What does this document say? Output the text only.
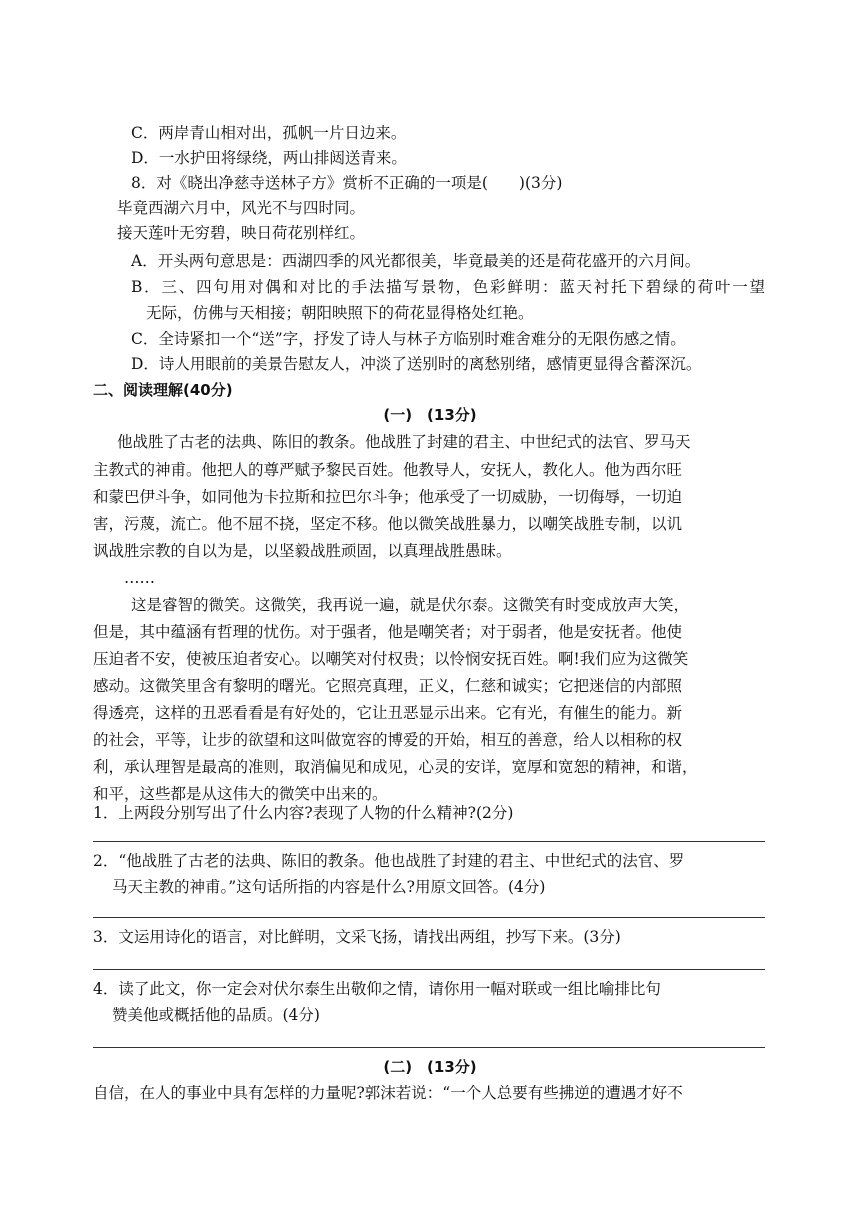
C．两岸青山相对出，孤帆一片日边来。
D．一水护田将绿绕，两山排闼送青来。
8．对《晓出净慈寺送林子方》赏析不正确的一项是(　　)(3分)
毕竟西湖六月中，风光不与四时同。
接天莲叶无穷碧，映日荷花别样红。
A．开头两句意思是：西湖四季的风光都很美，毕竟最美的还是荷花盛开的六月间。
B．三、四句用对偶和对比的手法描写景物，色彩鲜明：蓝天衬托下碧绿的荷叶一望
无际，仿佛与天相接；朝阳映照下的荷花显得格处红艳。
C．全诗紧扣一个“送”字，抒发了诗人与林子方临别时难舍难分的无限伤感之情。
D．诗人用眼前的美景告慰友人，冲淡了送别时的离愁别绪，感情更显得含蓄深沉。
二、阅读理解(40分)
(一)　(13分)
他战胜了古老的法典、陈旧的教条。他战胜了封建的君主、中世纪式的法官、罗马天
主教式的神甫。他把人的尊严赋予黎民百姓。他教导人，安抚人，教化人。他为西尔旺
和蒙巴伊斗争，如同他为卡拉斯和拉巴尔斗争；他承受了一切威胁，一切侮辱，一切迫
害，污蔑，流亡。他不屈不挠，坚定不移。他以微笑战胜暴力，以嘲笑战胜专制，以讥
讽战胜宗教的自以为是，以坚毅战胜顽固，以真理战胜愚昧。
……
这是睿智的微笑。这微笑，我再说一遍，就是伏尔泰。这微笑有时变成放声大笑，
但是，其中蕴涵有哲理的忧伤。对于强者，他是嘲笑者；对于弱者，他是安抚者。他使
压迫者不安，使被压迫者安心。以嘲笑对付权贵；以怜悯安抚百姓。啊!我们应为这微笑
感动。这微笑里含有黎明的曙光。它照亮真理，正义，仁慈和诚实；它把迷信的内部照
得透亮，这样的丑恶看看是有好处的，它让丑恶显示出来。它有光，有催生的能力。新
的社会，平等，让步的欲望和这叫做宽容的博爱的开始，相互的善意，给人以相称的权
利，承认理智是最高的准则，取消偏见和成见，心灵的安详，宽厚和宽恕的精神，和谐，
和平，这些都是从这伟大的微笑中出来的。
1．上两段分别写出了什么内容?表现了人物的什么精神?(2分)
2．“他战胜了古老的法典、陈旧的教条。他也战胜了封建的君主、中世纪式的法官、罗
马天主教的神甫。”这句话所指的内容是什么?用原文回答。(4分)
3．文运用诗化的语言，对比鲜明，文采飞扬，请找出两组，抄写下来。(3分)
4．读了此文，你一定会对伏尔泰生出敬仰之情，请你用一幅对联或一组比喻排比句
赞美他或概括他的品质。(4分)
(二)　(13分)
自信，在人的事业中具有怎样的力量呢?郭沫若说：“一个人总要有些拂逆的遭遇才好不
